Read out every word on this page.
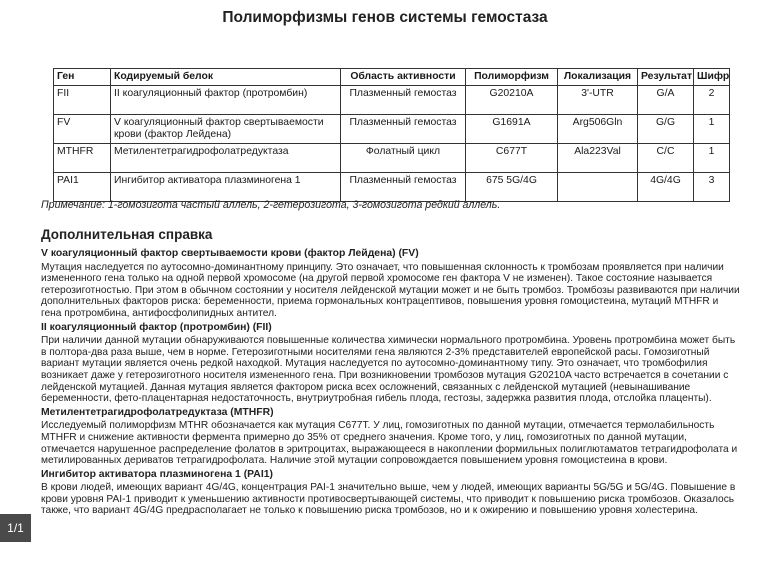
Полиморфизмы генов системы гемостаза
Ген	Кодируемый белок	Область активности	Полиморфизм	Локализация	Результат	Шифр
FII	II коагуляционный фактор (протромбин)	Плазменный гемостаз	G20210A	3'-UTR	G/A	2
FV	V коагуляционный фактор свертываемости крови (фактор Лейдена)	Плазменный гемостаз	G1691A	Arg506Gln	G/G	1
MTHFR	Метилентетрагидрофолатредуктаза	Фолатный цикл	C677T	Ala223Val	C/C	1
PAI1	Ингибитор активатора плазминогена 1	Плазменный гемостаз	675 5G/4G		4G/4G	3
Примечание: 1-гомозигота частый аллель, 2-гетерозигота, 3-гомозигота редкий аллель.
Дополнительная справка
V коагуляционный фактор свертываемости крови (фактор Лейдена) (FV)

Мутация наследуется по аутосомно-доминантному принципу. Это означает, что повышенная склонность к тромбозам проявляется при наличии измененного гена только на одной первой хромосоме (на другой первой хромосоме ген фактора V не изменен). Такое состояние называется гетерозиготностью. При этом в обычном состоянии у носителя лейденской мутации может и не быть тромбоз. Тромбозы развиваются при наличии дополнительных факторов риска: беременности, приема гормональных контрацептивов, повышения уровня гомоцистеина, мутаций MTHFR и гена протромбина, антифосфолипидных антител.

II коагуляционный фактор (протромбин) (FII)

При наличии данной мутации обнаруживаются повышенные количества химически нормального протромбина. Уровень протромбина может быть в полтора-два раза выше, чем в норме. Гетерозиготными носителями гена являются 2-3% представителей европейской расы. Гомозиготный вариант мутации является очень редкой находкой. Мутация наследуется по аутосомно-доминантному типу. Это означает, что тромбофилия возникает даже у гетерозиготного носителя измененного гена. При возникновении тромбозов мутация G20210A часто встречается в сочетании с лейденской мутацией. Данная мутация является фактором риска всех осложнений, связанных с лейденской мутацией (невынашивание беременности, фето-плацентарная недостаточность, внутриутробная гибель плода, гестозы, задержка развития плода, отслойка плаценты).

Метилентетрагидрофолатредуктаза (MTHFR)

Исследуемый полиморфизм MTHR обозначается как мутация C677T. У лиц, гомозиготных по данной мутации, отмечается термолабильность MTHFR и снижение активности фермента примерно до 35% от среднего значения. Кроме того, у лиц, гомозиготных по данной мутации, отмечается нарушенное распределение фолатов в эритроцитах, выражающееся в накоплении формильных полиглютаматов тетрагидрофолата и метилированных дериватов тетрагидрофолата. Наличие этой мутации сопровождается повышением уровня гомоцистеина в крови.

Ингибитор активатора плазминогена 1 (PAI1)

В крови людей, имеющих вариант 4G/4G, концентрация PAI-1 значительно выше, чем у людей, имеющих варианты 5G/5G и 5G/4G. Повышение в крови уровня PAI-1 приводит к уменьшению активности противосвертывающей системы, что приводит к повышению риска тромбозов. Оказалось также, что вариант 4G/4G предрасполагает не только к повышению риска тромбозов, но и к ожирению и повышению уровня холестерина.

1/1
